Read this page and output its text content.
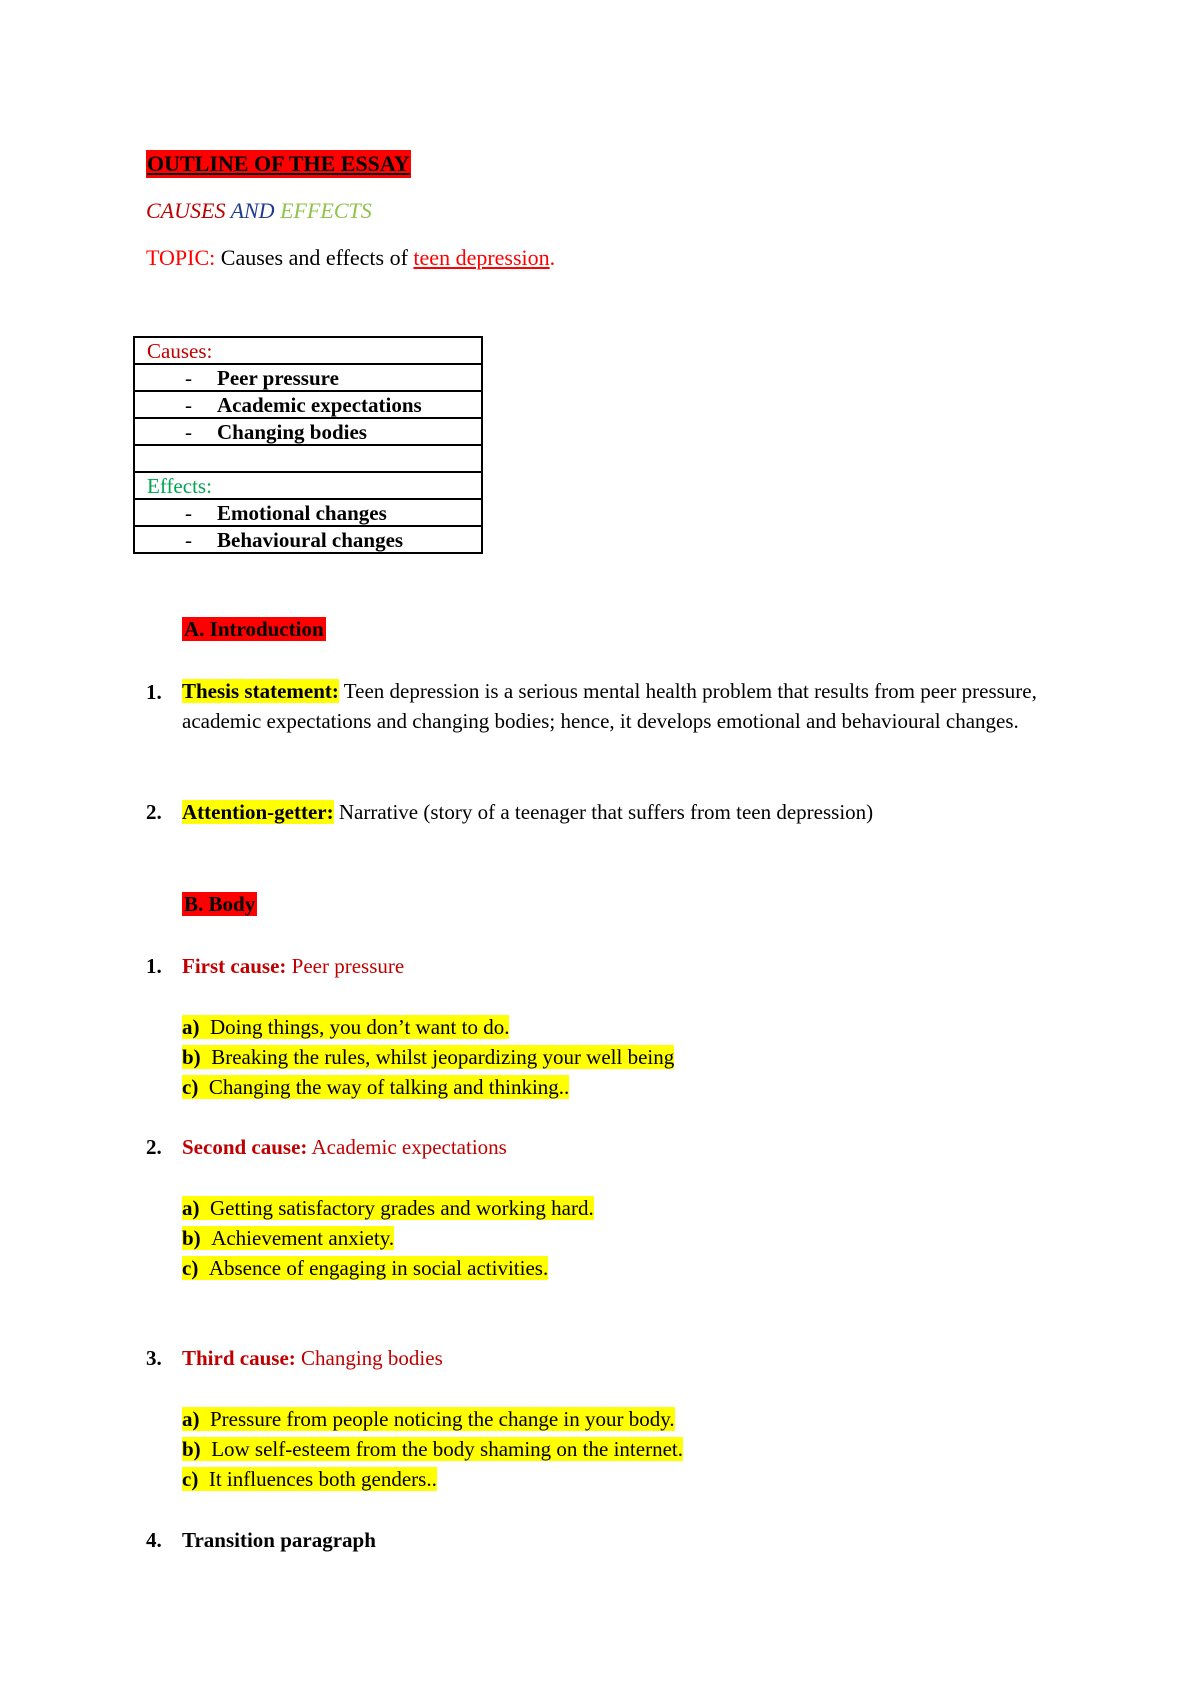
OUTLINE OF THE ESSAY
CAUSES AND EFFECTS
TOPIC: Causes and effects of teen depression.
Causes:

- Peer pressure

- Academic expectations

- Changing bodies

Effects:

- Emotional changes

- Behavioural changes
A. Introduction
1. Thesis statement: Teen depression is a serious mental health problem that results from peer pressure, academic expectations and changing bodies; hence, it develops emotional and behavioural changes.
2. Attention-getter: Narrative (story of a teenager that suffers from teen depression)
B. Body
1. First cause: Peer pressure
a) Doing things, you don’t want to do.
b) Breaking the rules, whilst jeopardizing your well being
c) Changing the way of talking and thinking..
2. Second cause: Academic expectations
a) Getting satisfactory grades and working hard.
b) Achievement anxiety.
c) Absence of engaging in social activities.
3. Third cause: Changing bodies
a) Pressure from people noticing the change in your body.
b) Low self-esteem from the body shaming on the internet.
c) It influences both genders..
4. Transition paragraph
